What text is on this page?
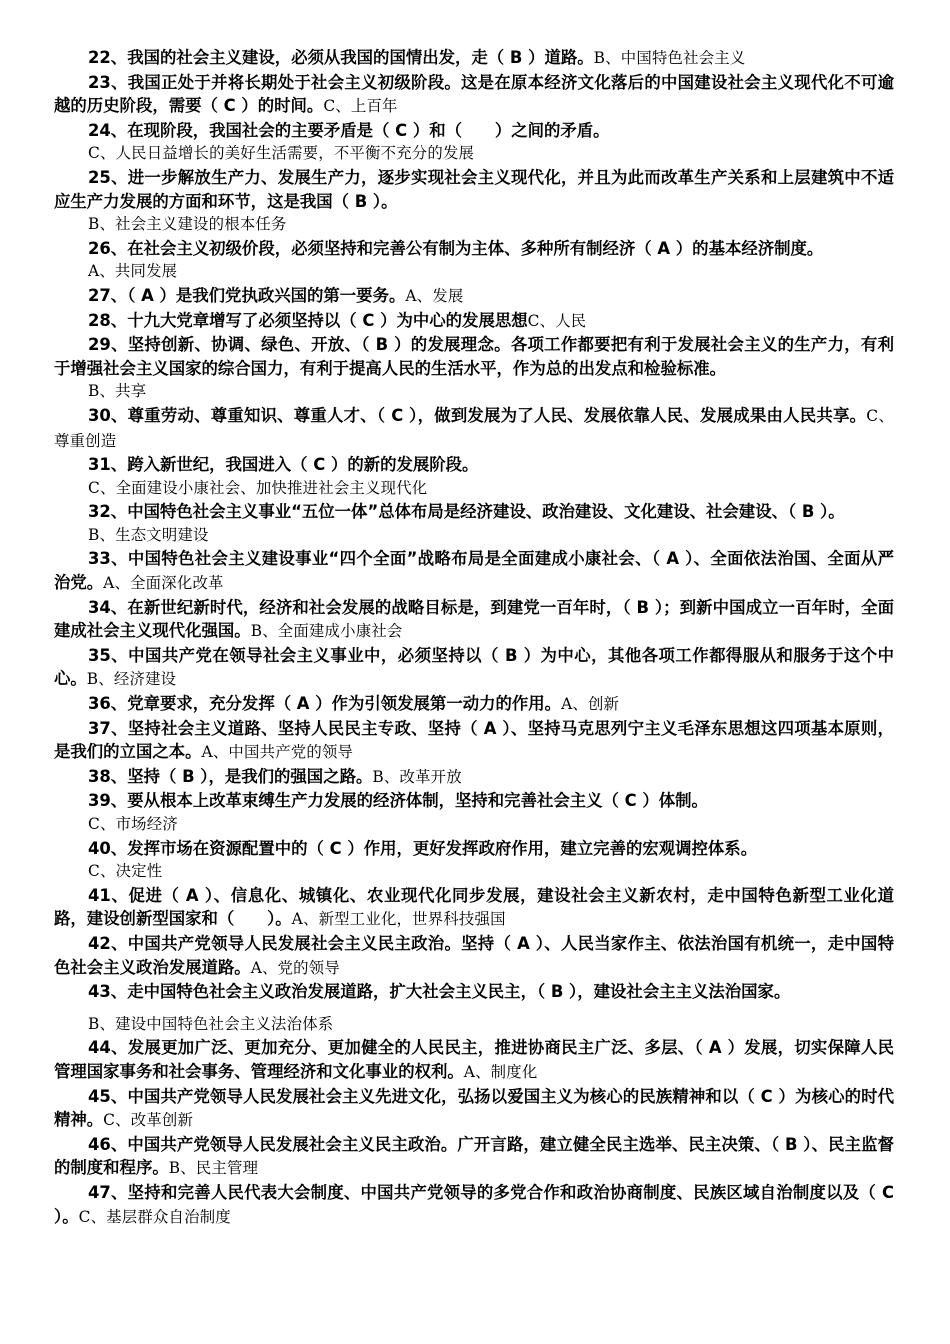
22、我国的社会主义建设，必须从我国的国情出发，走（ B ）道路。B、中国特色社会主义

23、我国正处于并将长期处于社会主义初级阶段。这是在原本经济文化落后的中国建设社会主义现代化不可逾越的历史阶段，需要（ C ）的时间。C、上百年

24、在现阶段，我国社会的主要矛盾是（ C ）和（　　）之间的矛盾。

C、人民日益增长的美好生活需要，不平衡不充分的发展

25、进一步解放生产力、发展生产力，逐步实现社会主义现代化，并且为此而改革生产关系和上层建筑中不适应生产力发展的方面和环节，这是我国（ B ）。

B、社会主义建设的根本任务

26、在社会主义初级价段，必须坚持和完善公有制为主体、多种所有制经济（ A ）的基本经济制度。

A、共同发展

27、（ A ）是我们党执政兴国的第一要务。A、发展

28、十九大党章增写了必须坚持以（ C ）为中心的发展思想C、人民

29、坚持创新、协调、绿色、开放、（ B ）的发展理念。各项工作都要把有利于发展社会主义的生产力，有利于增强社会主义国家的综合国力，有利于提高人民的生活水平，作为总的出发点和检验标准。

B、共享

30、尊重劳动、尊重知识、尊重人才、（ C ），做到发展为了人民、发展依靠人民、发展成果由人民共享。C、尊重创造

31、跨入新世纪，我国进入（ C ）的新的发展阶段。

C、全面建设小康社会、加快推进社会主义现代化

32、中国特色社会主义事业“五位一体”总体布局是经济建设、政治建设、文化建设、社会建设、（ B ）。

B、生态文明建设

33、中国特色社会主义建设事业“四个全面”战略布局是全面建成小康社会、（ A ）、全面依法治国、全面从严治党。A、全面深化改革

34、在新世纪新时代，经济和社会发展的战略目标是，到建党一百年时，（ B ）；到新中国成立一百年时，全面建成社会主义现代化强国。B、全面建成小康社会

35、中国共产党在领导社会主义事业中，必须坚持以（ B ）为中心，其他各项工作都得服从和服务于这个中心。B、经济建设

36、党章要求，充分发挥（ A ）作为引领发展第一动力的作用。A、创新

37、坚持社会主义道路、坚持人民民主专政、坚持（ A ）、坚持马克思列宁主义毛泽东思想这四项基本原则，是我们的立国之本。A、中国共产党的领导

38、坚持（ B ），是我们的强国之路。B、改革开放

39、要从根本上改革束缚生产力发展的经济体制，坚持和完善社会主义（ C ）体制。

C、市场经济

40、发挥市场在资源配置中的（ C ）作用，更好发挥政府作用，建立完善的宏观调控体系。

C、决定性

41、促进（ A ）、信息化、城镇化、农业现代化同步发展，建设社会主义新农村，走中国特色新型工业化道路，建设创新型国家和（　　）。A、新型工业化，世界科技强国

42、中国共产党领导人民发展社会主义民主政治。坚持（ A ）、人民当家作主、依法治国有机统一，走中国特色社会主义政治发展道路。A、党的领导

43、走中国特色社会主义政治发展道路，扩大社会主义民主，（ B ），建设社会主主义法治国家。

B、建设中国特色社会主义法治体系

44、发展更加广泛、更加充分、更加健全的人民民主，推进协商民主广泛、多层、（ A ）发展，切实保障人民管理国家事务和社会事务、管理经济和文化事业的权利。A、制度化

45、中国共产党领导人民发展社会主义先进文化，弘扬以爱国主义为核心的民族精神和以（ C ）为核心的时代精神。C、改革创新

46、中国共产党领导人民发展社会主义民主政治。广开言路，建立健全民主选举、民主决策、（ B ）、民主监督的制度和程序。B、民主管理

47、坚持和完善人民代表大会制度、中国共产党领导的多党合作和政治协商制度、民族区域自治制度以及（ C ）。C、基层群众自治制度
